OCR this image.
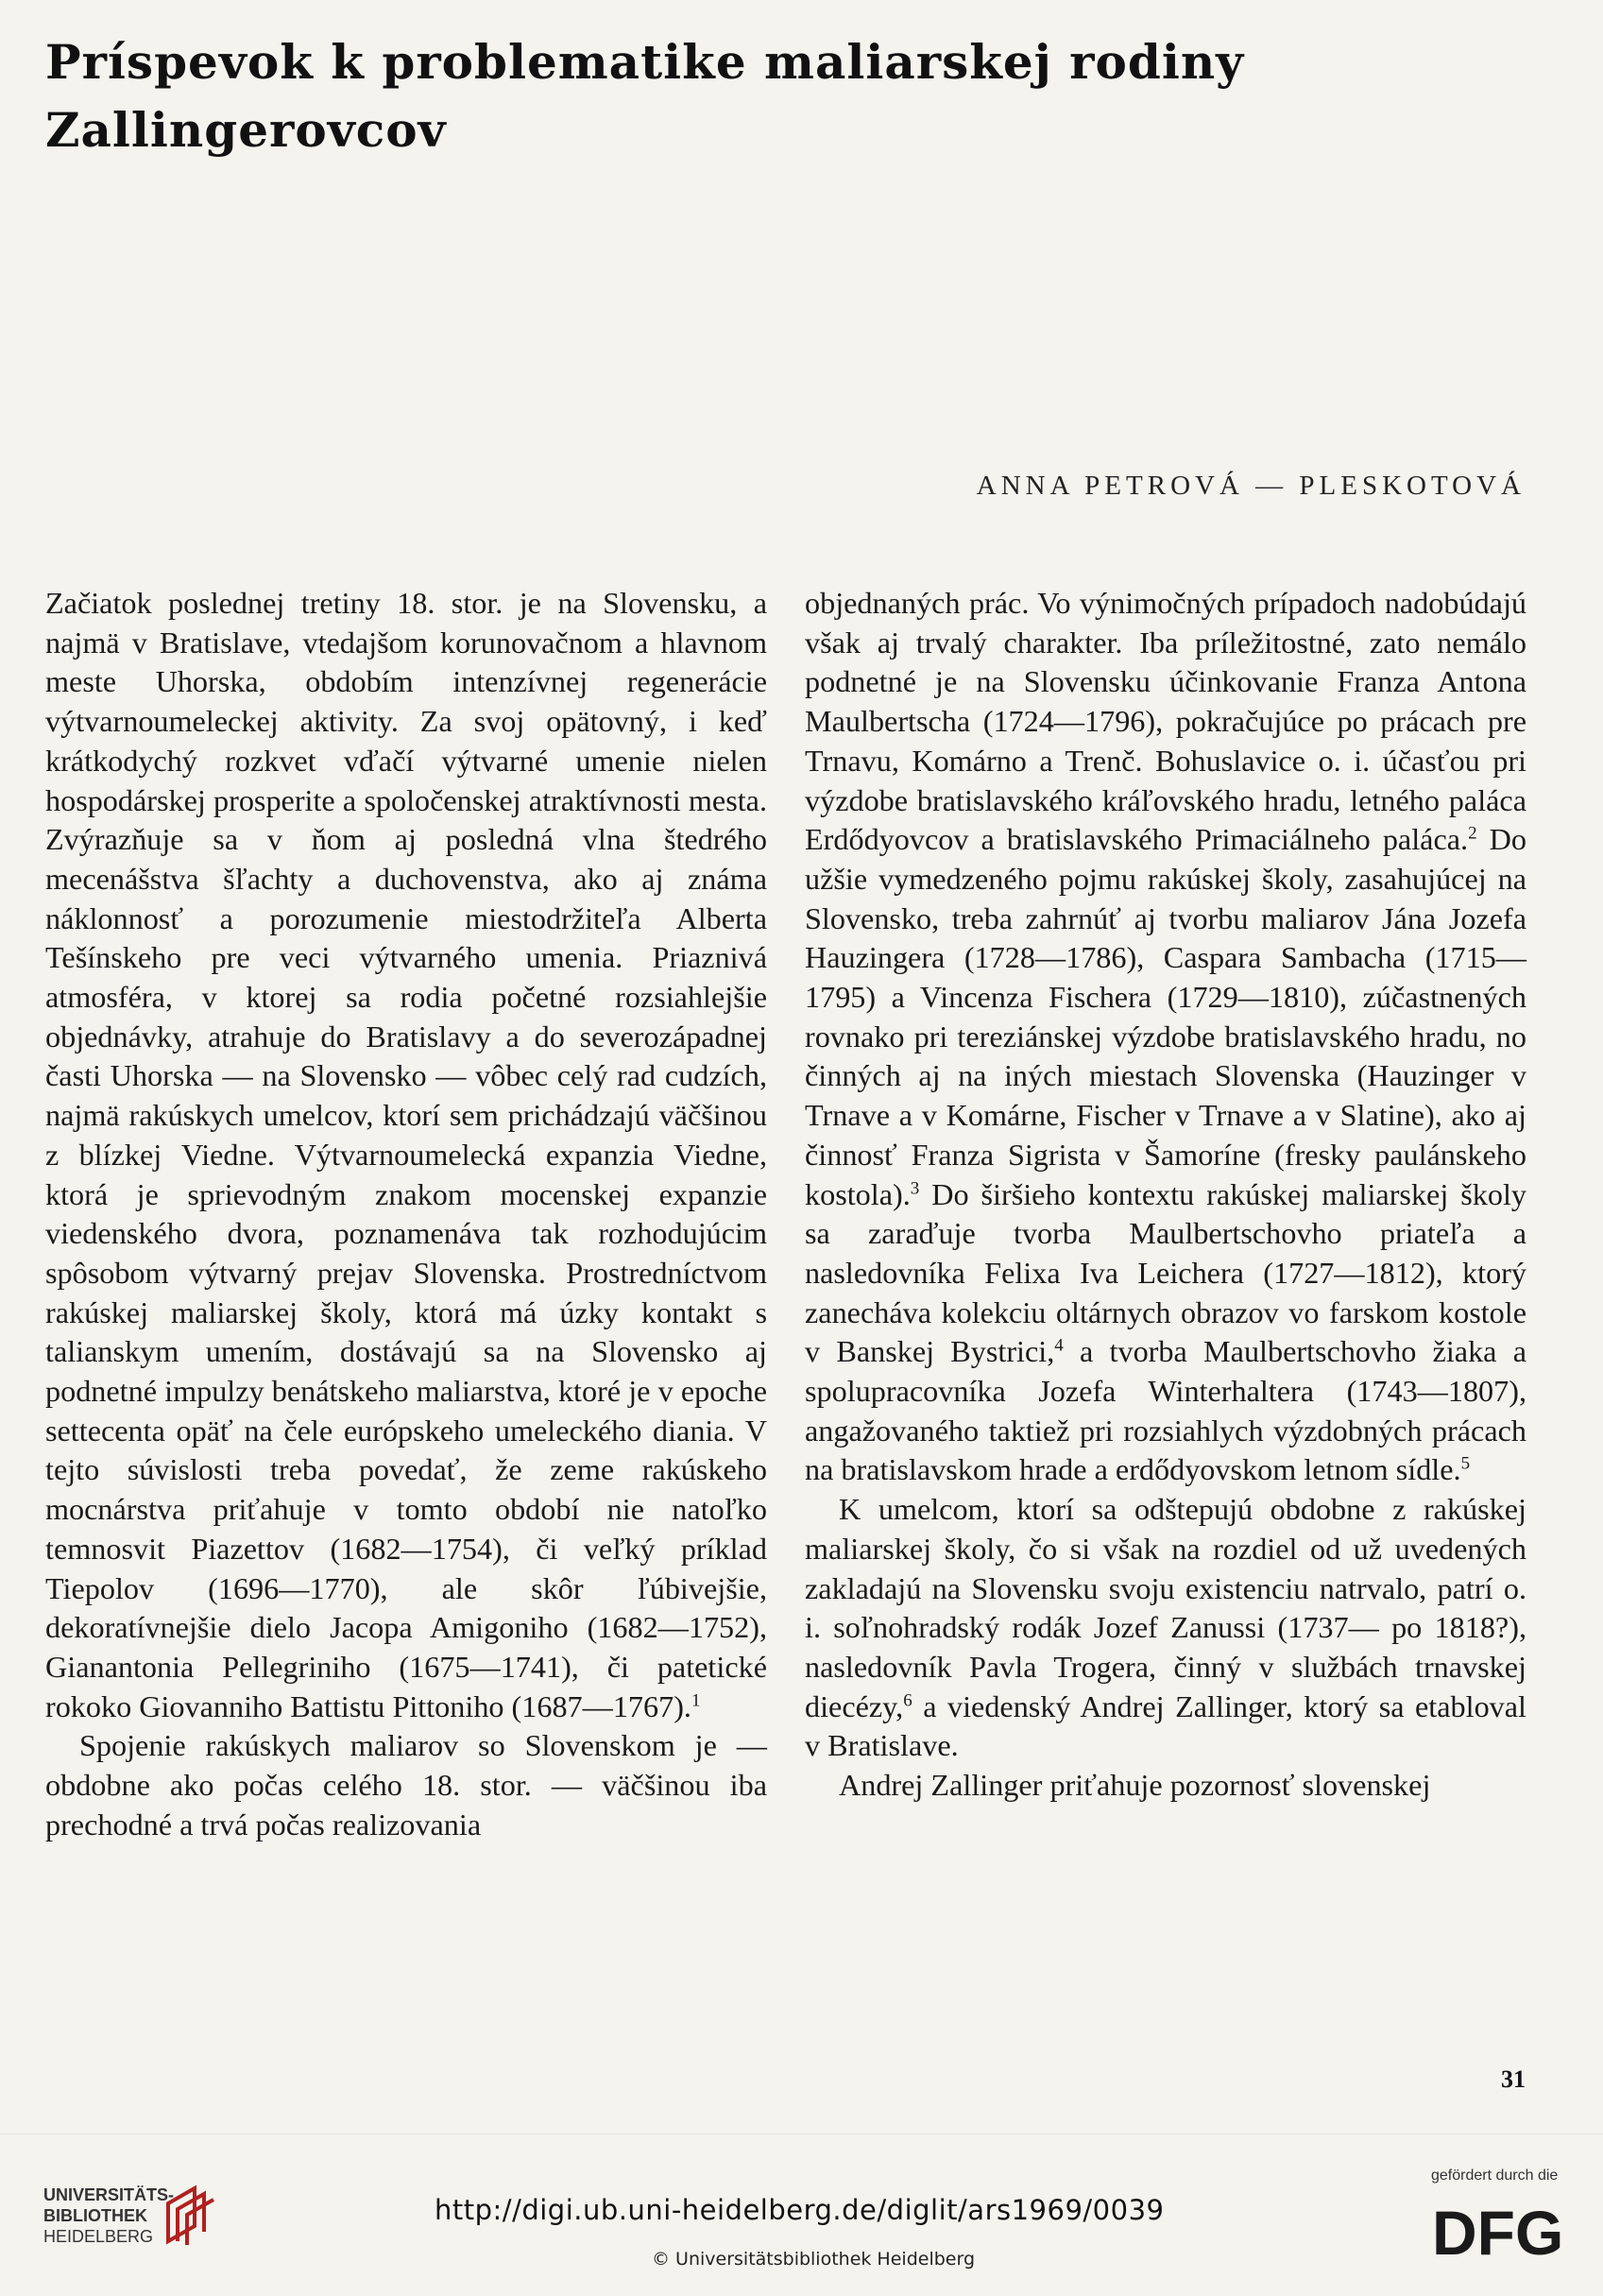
Príspevok k problematike maliarskej rodiny
Zallingerovcov
ANNA PETROVÁ — PLESKOTOVÁ

Začiatok poslednej tretiny 18. stor. je na Slovensku, a najmä v Bratislave, vtedajšom korunovačnom a hlavnom meste Uhorska, obdobím intenzívnej regenerácie výtvarnoumeleckej aktivity. Za svoj opätovný, i keď krátkodychý rozkvet vďačí výtvarné umenie nielen hospodárskej prosperite a spoločenskej atraktívnosti mesta. Zvýrazňuje sa v ňom aj posledná vlna štedrého mecenášstva šľachty a duchovenstva, ako aj známa náklonnosť a porozumenie miestodržiteľa Alberta Tešínskeho pre veci výtvarného umenia. Priaznivá atmosféra, v ktorej sa rodia početné rozsiahlejšie objednávky, atrahuje do Bratislavy a do severozápadnej časti Uhorska — na Slovensko — vôbec celý rad cudzích, najmä rakúskych umelcov, ktorí sem prichádzajú väčšinou z blízkej Viedne. Výtvarnoumelecká expanzia Viedne, ktorá je sprievodným znakom mocenskej expanzie viedenského dvora, poznamenáva tak rozhodujúcim spôsobom výtvarný prejav Slovenska. Prostredníctvom rakúskej maliarskej školy, ktorá má úzky kontakt s talianskym umením, dostávajú sa na Slovensko aj podnetné impulzy benátskeho maliarstva, ktoré je v epoche settecenta opäť na čele európskeho umeleckého diania. V tejto súvislosti treba povedať, že zeme rakúskeho mocnárstva priťahuje v tomto období nie natoľko temnosvit Piazettov (1682—1754), či veľký príklad Tiepolov (1696—1770), ale skôr ľúbivejšie, dekoratívnejšie dielo Jacopa Amigoniho (1682—1752), Gianantonia Pellegriniho (1675—1741), či patetické rokoko Giovanniho Battistu Pittoniho (1687—1767).$^1$

Spojenie rakúskych maliarov so Slovenskom je — obdobne ako počas celého 18. stor. — väčšinou iba prechodné a trvá počas realizovania

objednaných prác. Vo výnimočných prípadoch nadobúdajú však aj trvalý charakter. Iba príležitostné, zato nemálo podnetné je na Slovensku účinkovanie Franza Antona Maulbertscha (1724—1796), pokračujúce po prácach pre Trnavu, Komárno a Trenč. Bohuslavice o. i. účasťou pri výzdobe bratislavského kráľovského hradu, letného paláca Erdődyovcov a bratislavského Primaciálneho paláca.$^2$ Do užšie vymedzeného pojmu rakúskej školy, zasahujúcej na Slovensko, treba zahrnúť aj tvorbu maliarov Jána Jozefa Hauzingera (1728—1786), Caspara Sambacha (1715—1795) a Vincenza Fischera (1729—1810), zúčastnených rovnako pri tereziánskej výzdobe bratislavského hradu, no činných aj na iných miestach Slovenska (Hauzinger v Trnave a v Komárne, Fischer v Trnave a v Slatine), ako aj činnosť Franza Sigrista v Šamoríne (fresky paulánskeho kostola).$^3$ Do širšieho kontextu rakúskej maliarskej školy sa zaraďuje tvorba Maulbertschovho priateľa a nasledovníka Felixa Iva Leichera (1727—1812), ktorý zanecháva kolekciu oltárnych obrazov vo farskom kostole v Banskej Bystrici,$^4$ a tvorba Maulbertschovho žiaka a spolupracovníka Jozefa Winterhaltera (1743—1807), angažovaného taktiež pri rozsiahlych výzdobných prácach na bratislavskom hrade a erdődyovskom letnom sídle.$^5$

K umelcom, ktorí sa odštepujú obdobne z rakúskej maliarskej školy, čo si však na rozdiel od už uvedených zakladajú na Slovensku svoju existenciu natrvalo, patrí o. i. soľnohradský rodák Jozef Zanussi (1737— po 1818?), nasledovník Pavla Trogera, činný v službách trnavskej diecézy,$^6$ a viedenský Andrej Zallinger, ktorý sa etabloval v Bratislave.

Andrej Zallinger priťahuje pozornosť slovenskej

31
UNIVERSITÄTS-
BIBLIOTHEK
HEIDELBERG
http://digi.ub.uni-heidelberg.de/diglit/ars1969/0039
© Universitätsbibliothek Heidelberg
gefördert durch die
DFG
